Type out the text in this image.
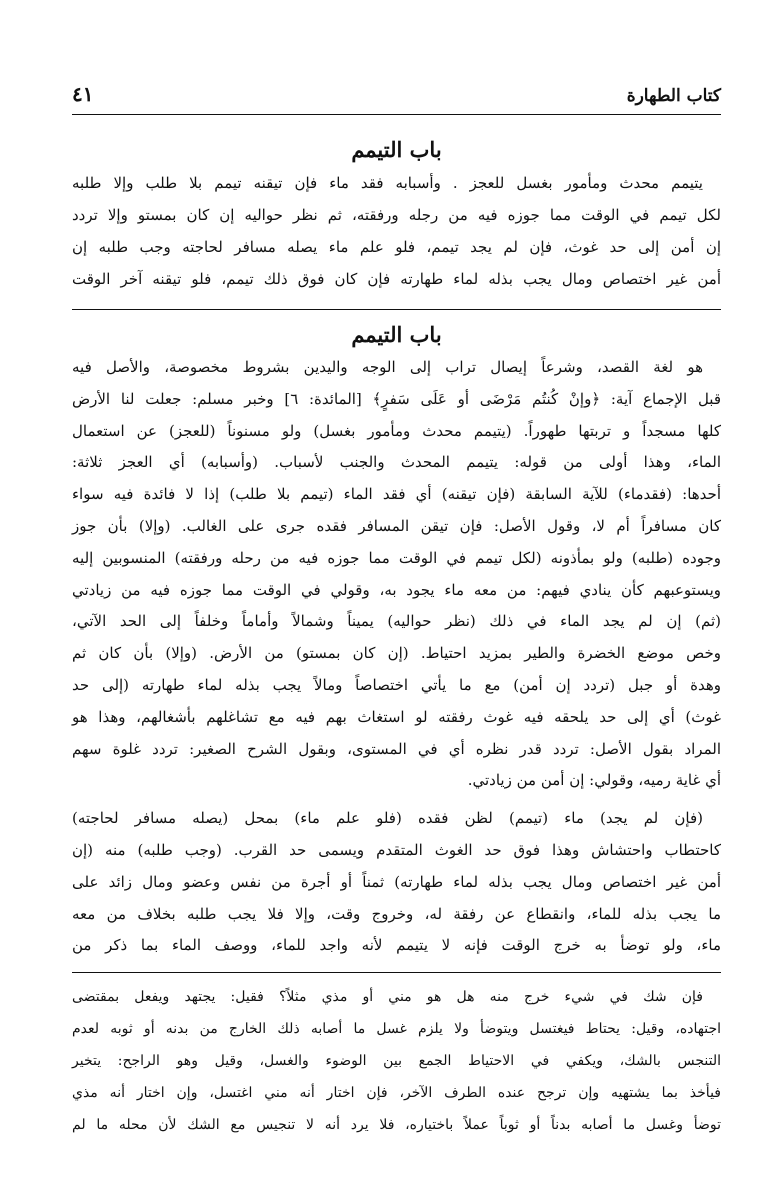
كتاب الطهارة
٤١
باب التيمم

يتيمم محدث ومأمور بغسل للعجز . وأسبابه فقد ماء فإن تيقنه تيمم بلا طلب وإلا طلبه

لكل تيمم في الوقت مما جوزه فيه من رجله ورفقته، ثم نظر حواليه إن كان بمستو وإلا تردد

إن أمن إلى حد غوث، فإن لم يجد تيمم، فلو علم ماء يصله مسافر لحاجته وجب طلبه إن

أمن غير اختصاص ومال يجب بذله لماء طهارته فإن كان فوق ذلك تيمم، فلو تيقنه آخر الوقت

باب التيمم

هو لغة القصد، وشرعاً إيصال تراب إلى الوجه واليدين بشروط مخصوصة، والأصل فيه

قبل الإجماع آية: ﴿وإنْ كُنتُم مَرْضَى أو عَلَى سَفرٍ﴾ [المائدة: ٦] وخبر مسلم: جعلت لنا الأرض

كلها مسجداً و تربتها طهوراً. (يتيمم محدث ومأمور بغسل) ولو مسنوناً (للعجز) عن استعمال

الماء، وهذا أولى من قوله: يتيمم المحدث والجنب لأسباب. (وأسبابه) أي العجز ثلاثة:

أحدها: (فقدماء) للآية السابقة (فإن تيقنه) أي فقد الماء (تيمم بلا طلب) إذا لا فائدة فيه سواء

كان مسافراً أم لا، وقول الأصل: فإن تيقن المسافر فقده جرى على الغالب. (وإلا) بأن جوز

وجوده (طلبه) ولو بمأذونه (لكل تيمم في الوقت مما جوزه فيه من رحله ورفقته) المنسوبين إليه

ويستوعبهم كأن ينادي فيهم: من معه ماء يجود به، وقولي في الوقت مما جوزه فيه من زيادتي

(ثم) إن لم يجد الماء في ذلك (نظر حواليه) يميناً وشمالاً وأماماً وخلفاً إلى الحد الآتي،

وخص موضع الخضرة والطير بمزيد احتياط. (إن كان بمستو) من الأرض. (وإلا) بأن كان ثم

وهدة أو جبل (تردد إن أمن) مع ما يأتي اختصاصاً ومالاً يجب بذله لماء طهارته (إلى حد

غوث) أي إلى حد يلحقه فيه غوث رفقته لو استغاث بهم فيه مع تشاغلهم بأشغالهم، وهذا هو

المراد بقول الأصل: تردد قدر نظره أي في المستوى، وبقول الشرح الصغير: تردد غلوة سهم

أي غاية رميه، وقولي: إن أمن من زيادتي.

(فإن لم يجد) ماء (تيمم) لظن فقده (فلو علم ماء) بمحل (يصله مسافر لحاجته)

كاحتطاب واحتشاش وهذا فوق حد الغوث المتقدم ويسمى حد القرب. (وجب طلبه) منه (إن

أمن غير اختصاص ومال يجب بذله لماء طهارته) ثمناً أو أجرة من نفس وعضو ومال زائد على

ما يجب بذله للماء، وانقطاع عن رفقة له، وخروج وقت، وإلا فلا يجب طلبه بخلاف من معه

ماء، ولو توضأ به خرج الوقت فإنه لا يتيمم لأنه واجد للماء، ووصف الماء بما ذكر من

فإن شك في شيء خرج منه هل هو مني أو مذي مثلاً؟ فقيل: يجتهد ويفعل بمقتضى

اجتهاده، وقيل: يحتاط فيغتسل ويتوضأ ولا يلزم غسل ما أصابه ذلك الخارج من بدنه أو ثوبه لعدم

التنجس بالشك، ويكفي في الاحتياط الجمع بين الوضوء والغسل، وقيل وهو الراجح: يتخير

فيأخذ بما يشتهيه وإن ترجح عنده الطرف الآخر، فإن اختار أنه مني اغتسل، وإن اختار أنه مذي

توضأ وغسل ما أصابه بدناً أو ثوباً عملاً باختياره، فلا يرد أنه لا تنجيس مع الشك لأن محله ما لم
